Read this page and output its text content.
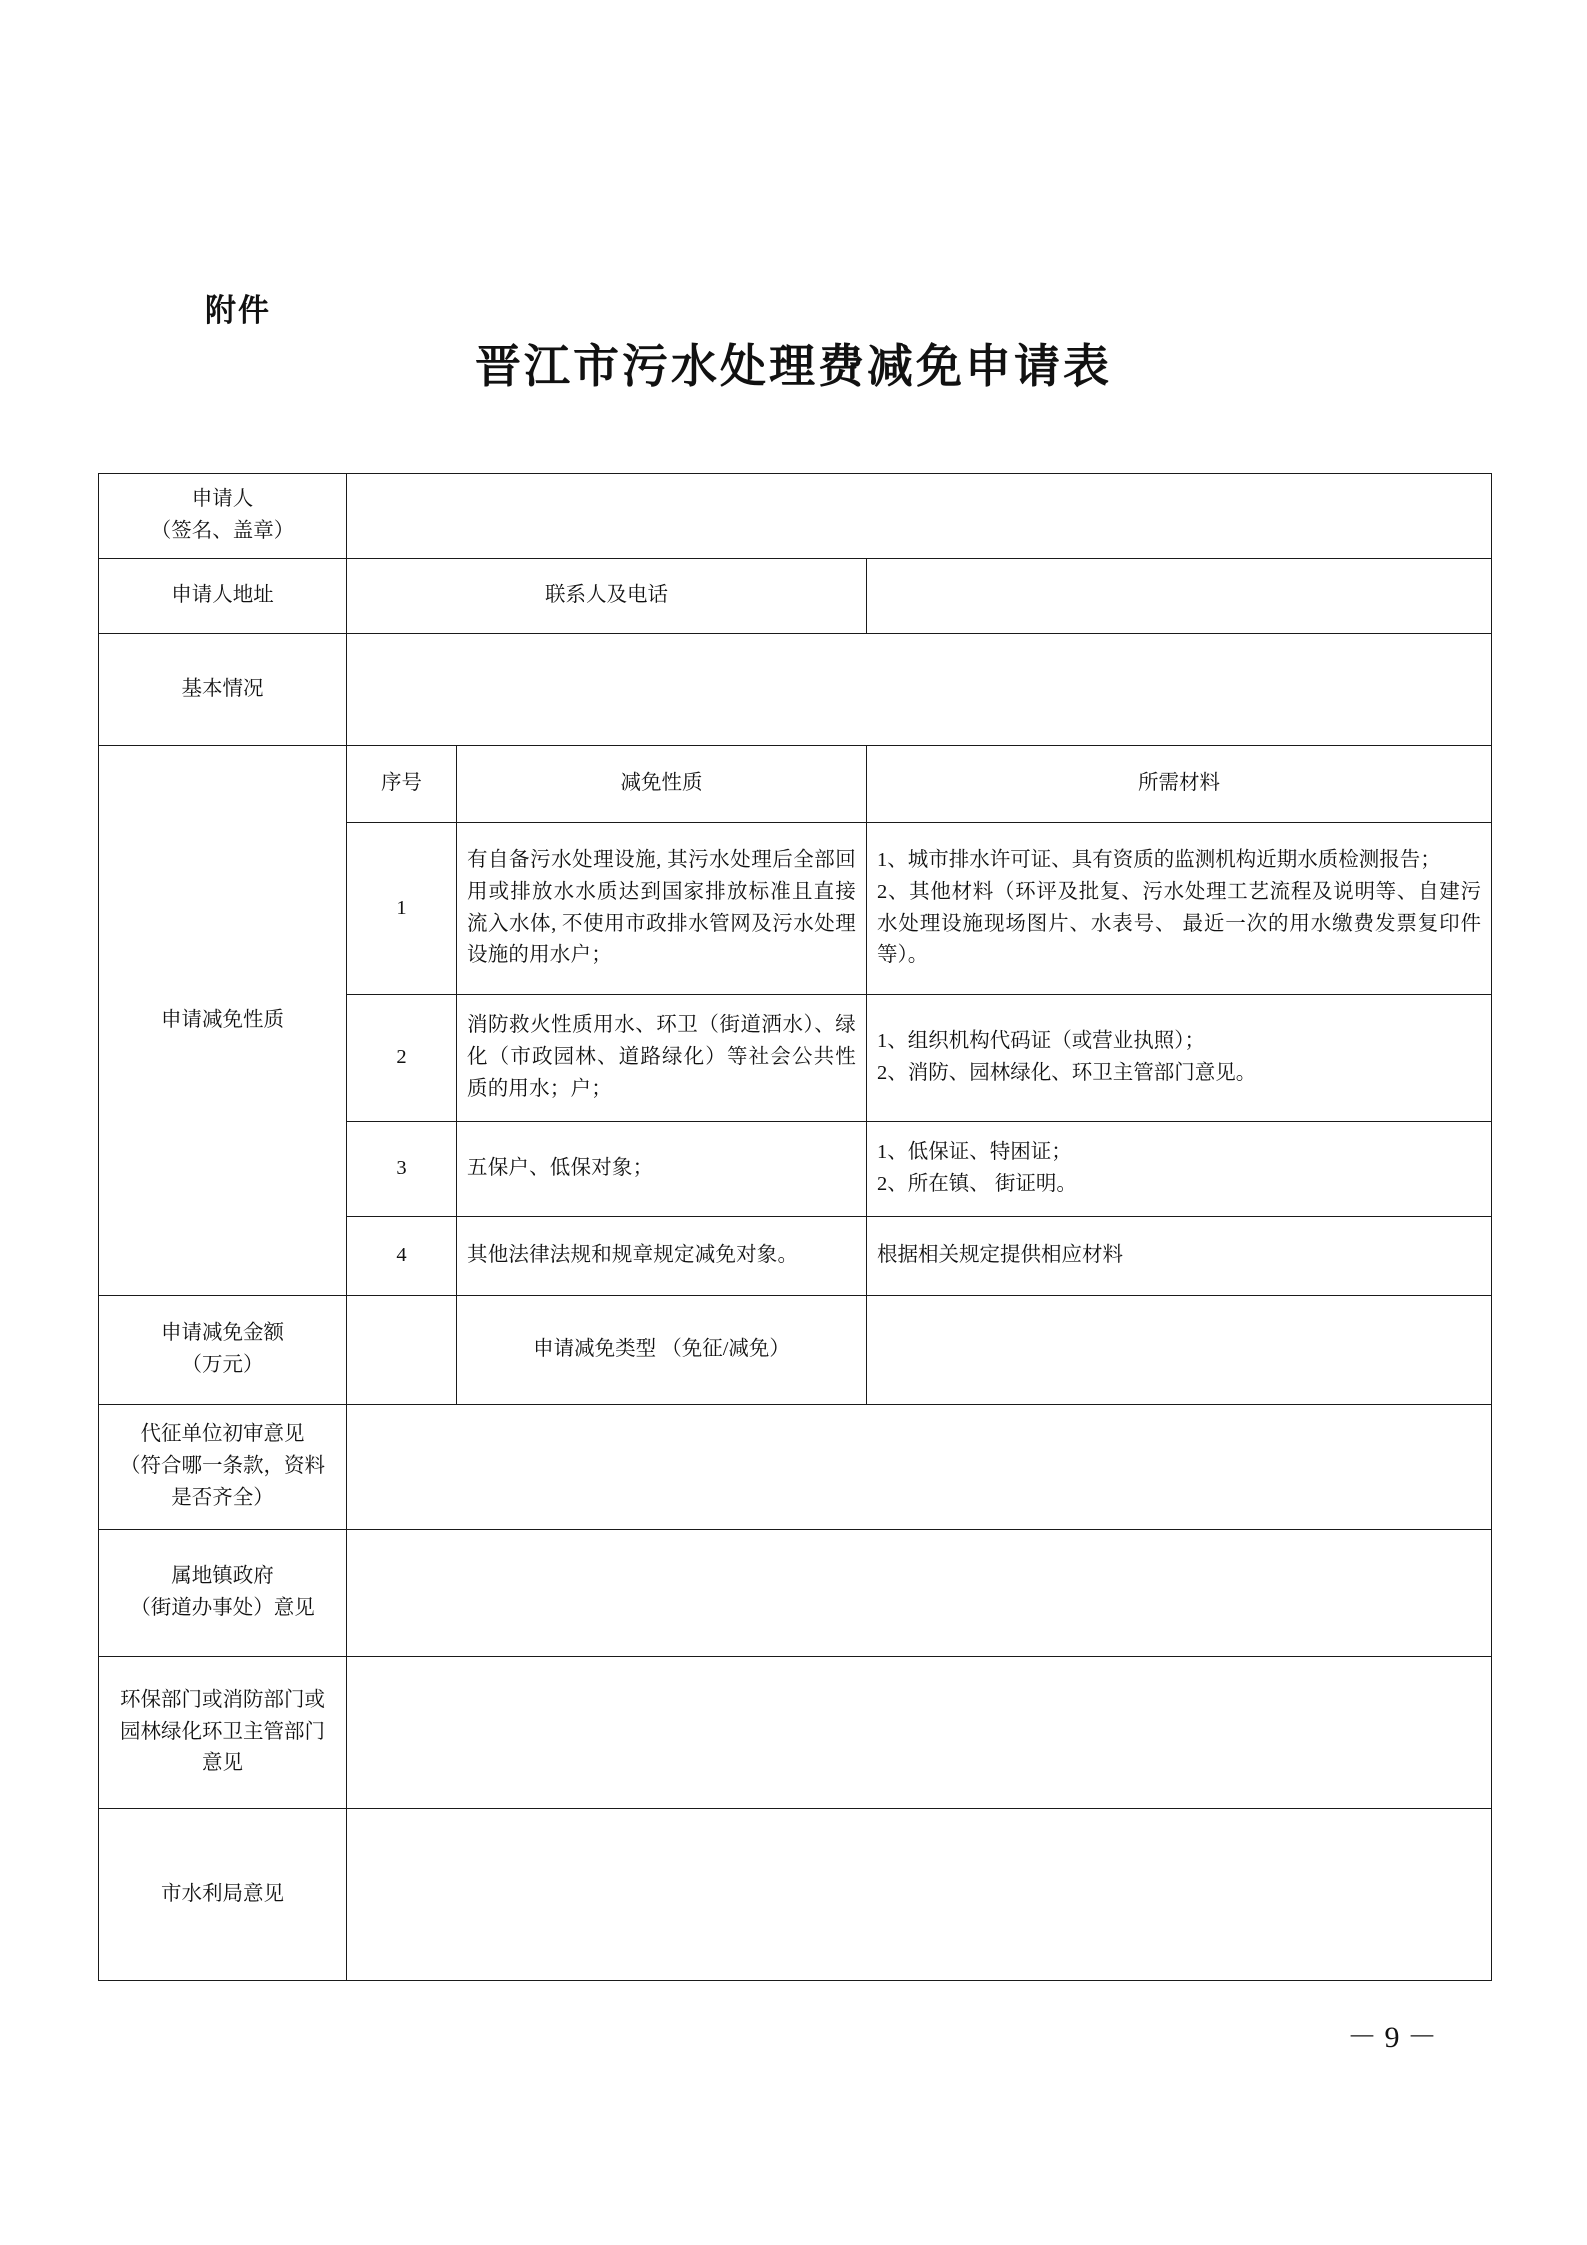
附件
晋江市污水处理费减免申请表
申请人
（签名、盖章）			

申请人地址	联系人及电话		
基本情况			
申请减免性质	序号	减免性质	所需材料
	1	有自备污水处理设施, 其污水处理后全部回用或排放水水质达到国家排放标准且直接流入水体, 不使用市政排水管网及污水处理设施的用水户；	1、城市排水许可证、具有资质的监测机构近期水质检测报告；

2、其他材料（环评及批复、污水处理工艺流程及说明等、自建污水处理设施现场图片、水表号、 最近一次的用水缴费发票复印件等）。

	2	消防救火性质用水、环卫（街道洒水）、绿化（市政园林、道路绿化）等社会公共性质的用水；户；	1、组织机构代码证（或营业执照）；

2、消防、园林绿化、环卫主管部门意见。

	3	五保户、低保对象；	1、低保证、特困证；

2、所在镇、 街证明。

	4	其他法律法规和规章规定减免对象。	根据相关规定提供相应材料

申请减免金额
（万元）		申请减免类型 （免征/减免）	

代征单位初审意见
（符合哪一条款，资料
是否齐全）			

属地镇政府
（街道办事处）意见			

环保部门或消防部门或
园林绿化环卫主管部门
意见			

市水利局意见			
－ 9 －
